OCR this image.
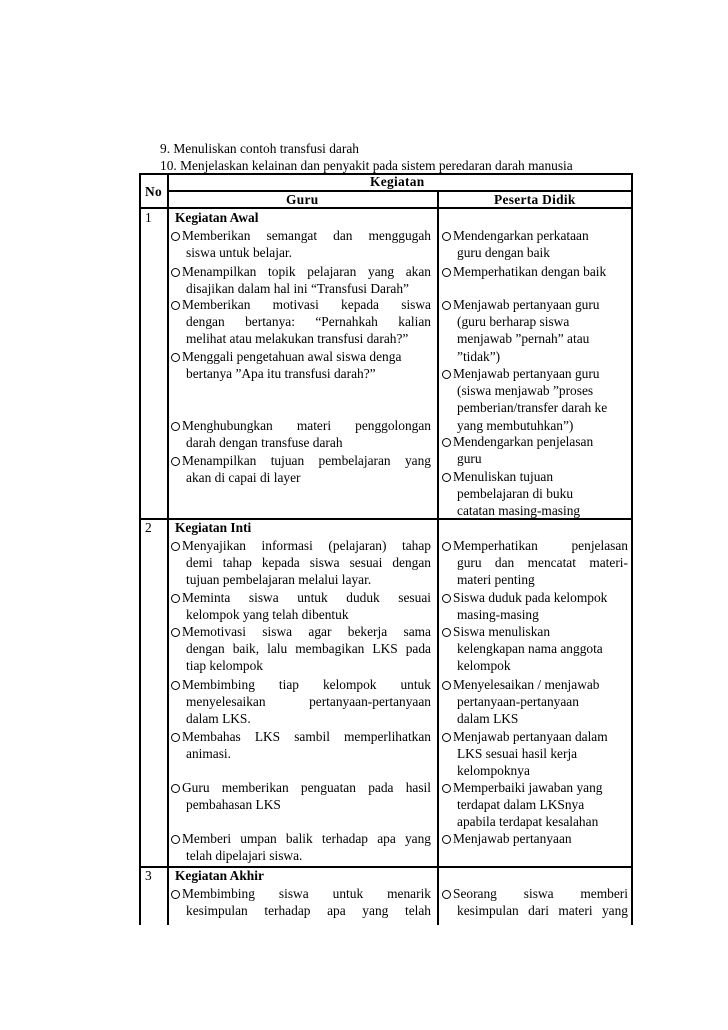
9. Menuliskan contoh transfusi darah
10. Menjelaskan kelainan dan penyakit pada sistem peredaran darah manusia
No
Kegiatan
Guru	Peserta Didik
1 Kegiatan Awal
2 Kegiatan Inti
3 Kegiatan Akhir
Memberikan semangat dan menggugah
siswa untuk belajar.
Menampilkan topik pelajaran yang akan
disajikan dalam hal ini “Transfusi Darah”
Memberikan motivasi kepada siswa
dengan bertanya: “Pernahkah kalian
melihat atau melakukan transfusi darah?”
Menggali pengetahuan awal siswa denga
bertanya ”Apa itu transfusi darah?”
Menghubungkan materi penggolongan
darah dengan transfuse darah
Menampilkan tujuan pembelajaran yang
akan di capai di layer
Mendengarkan perkataan
guru dengan baik
Memperhatikan dengan baik
Menjawab pertanyaan guru
(guru berharap siswa
menjawab ”pernah” atau
”tidak”)
Menjawab pertanyaan guru
(siswa menjawab ”proses
pemberian/transfer darah ke
yang membutuhkan”)
Mendengarkan penjelasan
guru
Menuliskan tujuan
pembelajaran di buku
catatan masing-masing
Menyajikan informasi (pelajaran) tahap
demi tahap kepada siswa sesuai dengan
tujuan pembelajaran melalui layar.
Meminta siswa untuk duduk sesuai
kelompok yang telah dibentuk
Memotivasi siswa agar bekerja sama
dengan baik, lalu membagikan LKS pada
tiap kelompok
Membimbing tiap kelompok untuk
menyelesaikan pertanyaan-pertanyaan
dalam LKS.
Membahas LKS sambil memperlihatkan
animasi.
Guru memberikan penguatan pada hasil
pembahasan LKS
Memberi umpan balik terhadap apa yang
telah dipelajari siswa.
Memperhatikan penjelasan
guru dan mencatat materi-
materi penting
Siswa duduk pada kelompok
masing-masing
Siswa menuliskan
kelengkapan nama anggota
kelompok
Menyelesaikan / menjawab
pertanyaan-pertanyaan
dalam LKS
Menjawab pertanyaan dalam
LKS sesuai hasil kerja
kelompoknya
Memperbaiki jawaban yang
terdapat dalam LKSnya
apabila terdapat kesalahan
Menjawab pertanyaan
Membimbing siswa untuk menarik
kesimpulan terhadap apa yang telah
Seorang siswa memberi
kesimpulan dari materi yang
